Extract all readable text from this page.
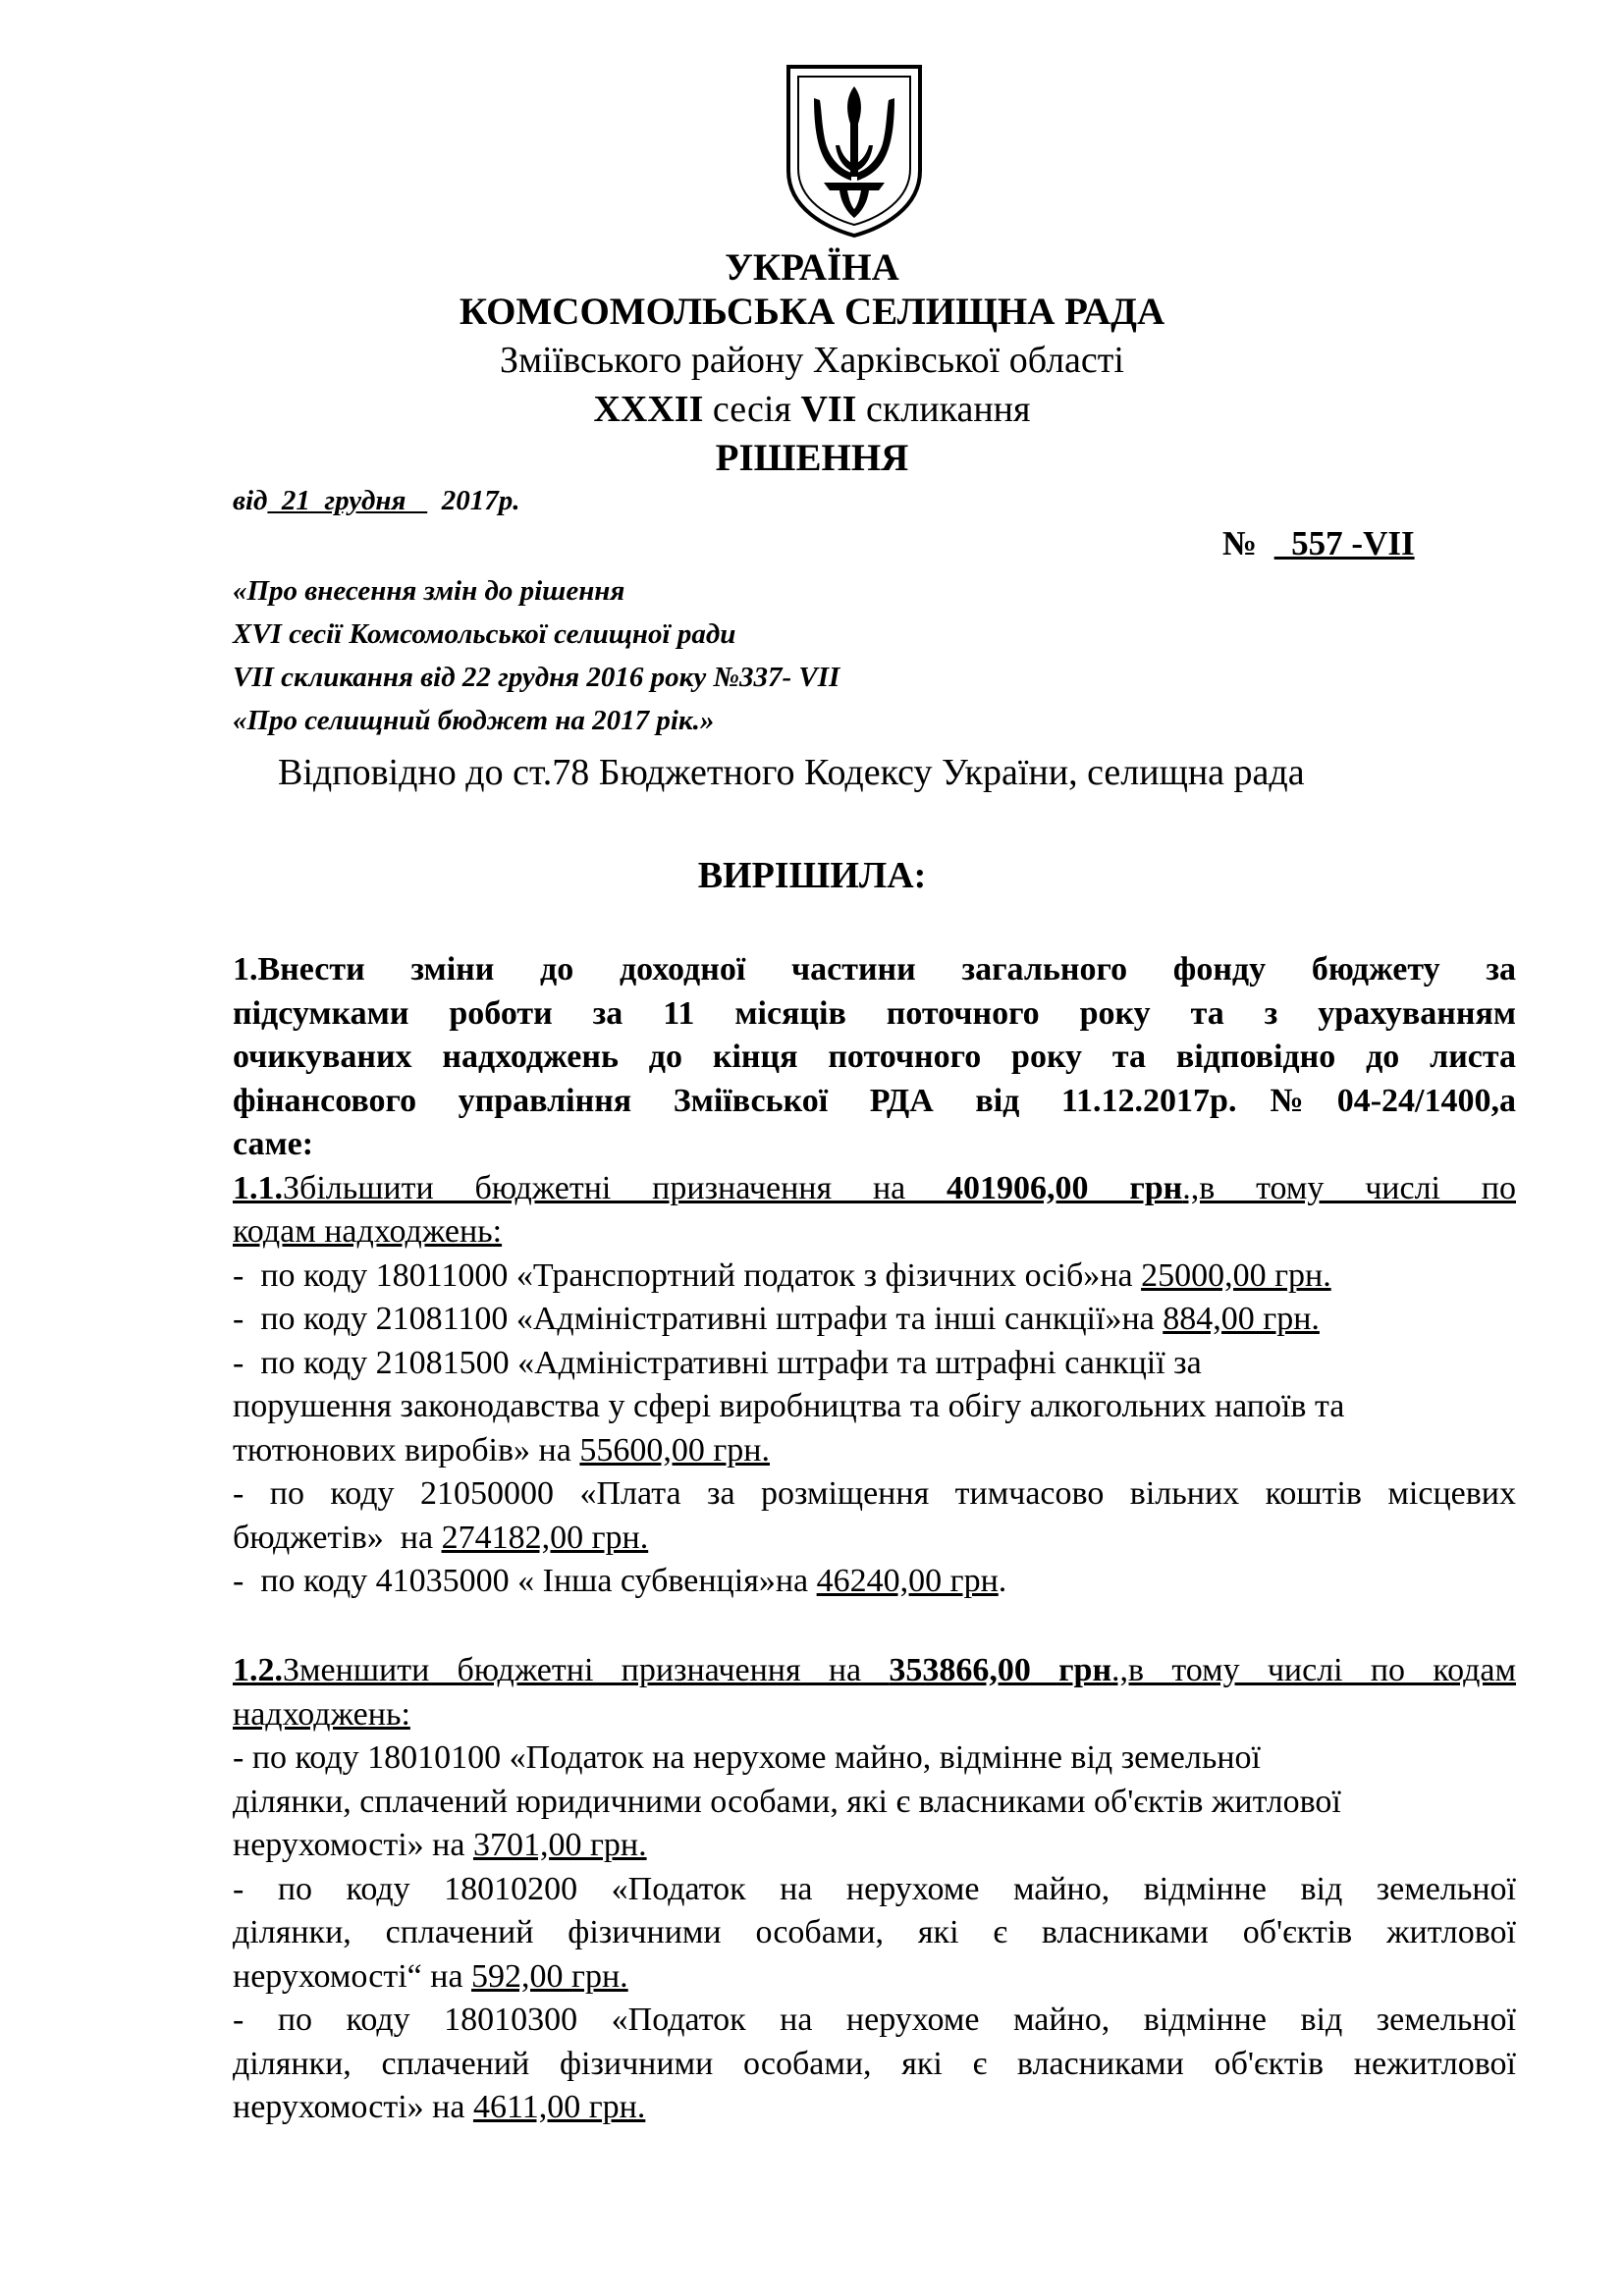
УКРАЇНА
КОМСОМОЛЬСЬКА СЕЛИЩНА РАДА
Зміївського району Харківської області
XXXII сесія VII скликання
РІШЕННЯ
від  21  грудня     2017р.
№    557 -VII
«Про внесення змін до рішення
XVI сесії Комсомольської селищної ради
VII скликання від 22 грудня 2016 року №337- VII
«Про селищний бюджет на 2017 рік.»
Відповідно до ст.78 Бюджетного Кодексу України, селищна рада
ВИРІШИЛА:
1.Внести зміни до доходної частини загального фонду бюджету за
підсумками роботи за 11 місяців поточного року та з урахуванням
очикуваних надходжень до кінця поточного року та відповідно до листа
фінансового управління Зміївської РДА від 11.12.2017р.№04-24/1400,а
саме:
1.1.Збільшити бюджетні призначення на 401906,00 грн.,в тому числі по
кодам надходжень:
-  по коду 18011000 «Транспортний податок з фізичних осіб»на 25000,00 грн.
-  по коду 21081100 «Адміністративні штрафи та інші санкції»на 884,00 грн.
-  по коду 21081500 «Адміністративні штрафи та штрафні санкції за
порушення законодавства у сфері виробництва та обігу алкогольних напоїв та
тютюнових виробів» на 55600,00 грн.
- по коду 21050000 «Плата за розміщення тимчасово вільних коштів місцевих
бюджетів»  на 274182,00 грн.
-  по коду 41035000 « Інша субвенція»на 46240,00 грн.
1.2.Зменшити бюджетні призначення на 353866,00 грн.,в тому числі по кодам
надходжень:
- по коду 18010100 «Податок на нерухоме майно, відмінне від земельної
ділянки, сплачений юридичними особами, які є власниками об'єктів житлової
нерухомості» на 3701,00 грн.
- по коду 18010200 «Податок на нерухоме майно, відмінне від земельної
ділянки, сплачений фізичними особами, які є власниками об'єктів житлової
нерухомості“ на 592,00 грн.
- по коду 18010300 «Податок на нерухоме майно, відмінне від земельної
ділянки, сплачений фізичними особами, які є власниками об'єктів нежитлової
нерухомості» на 4611,00 грн.
